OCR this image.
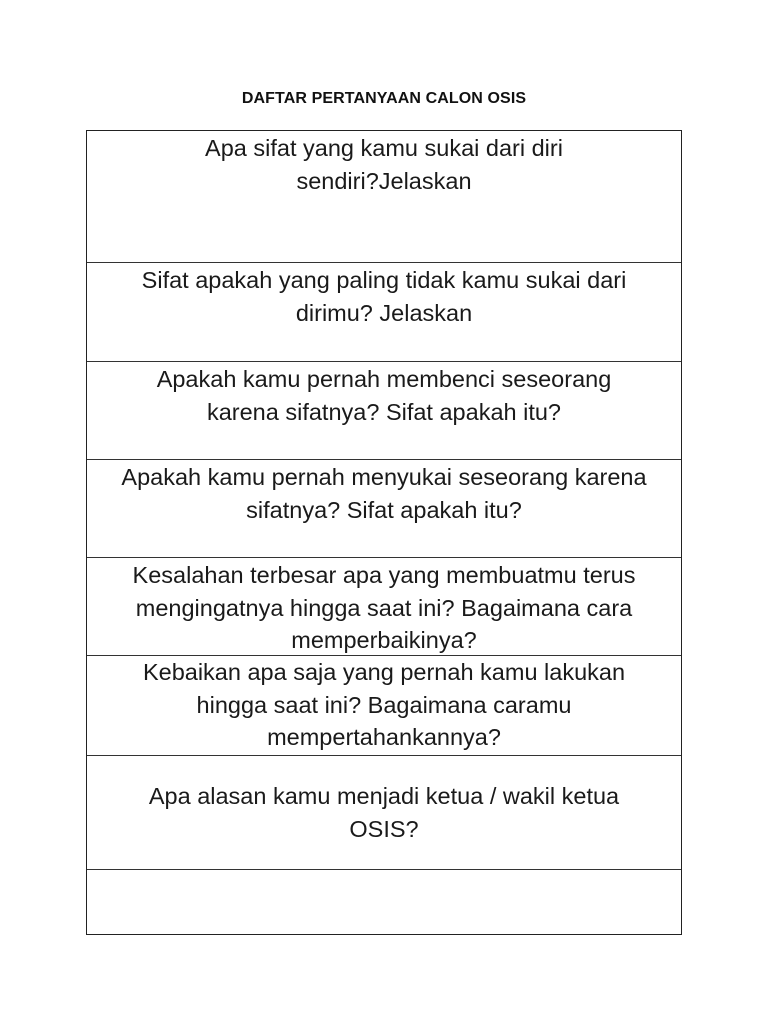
DAFTAR PERTANYAAN CALON OSIS
Apa sifat yang kamu sukai dari diri sendiri?Jelaskan
Sifat apakah yang paling tidak kamu sukai dari dirimu? Jelaskan
Apakah kamu pernah membenci seseorang karena sifatnya? Sifat apakah itu?
Apakah kamu pernah menyukai seseorang karena sifatnya? Sifat apakah itu?
Kesalahan terbesar apa yang membuatmu terus mengingatnya hingga saat ini? Bagaimana cara memperbaikinya?
Kebaikan apa saja yang pernah kamu lakukan hingga saat ini? Bagaimana caramu mempertahankannya?
Apa alasan kamu menjadi ketua / wakil ketua OSIS?
